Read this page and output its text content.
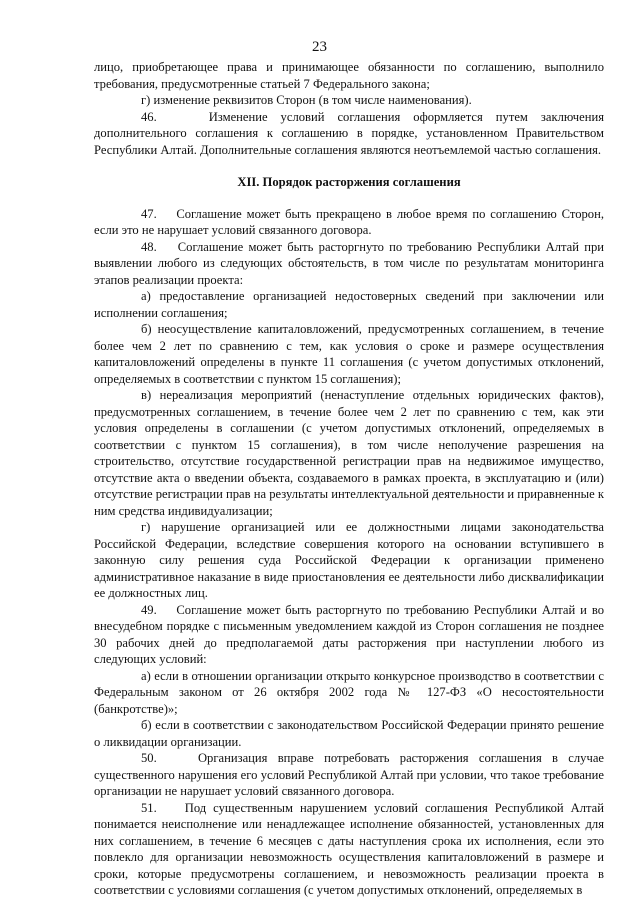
23

лицо, приобретающее права и принимающее обязанности по соглашению, выполнило требования, предусмотренные статьей 7 Федерального закона;

г) изменение реквизитов Сторон (в том числе наименования).

46.    Изменение условий соглашения оформляется путем заключения дополнительного соглашения к соглашению в порядке, установленном Правительством Республики Алтай. Дополнительные соглашения являются неотъемлемой частью соглашения.

XII. Порядок расторжения соглашения

47.    Соглашение может быть прекращено в любое время по соглашению Сторон, если это не нарушает условий связанного договора.

48.    Соглашение может быть расторгнуто по требованию Республики Алтай при выявлении любого из следующих обстоятельств, в том числе по результатам мониторинга этапов реализации проекта:

а) предоставление организацией недостоверных сведений при заключении или исполнении соглашения;

б) неосуществление капиталовложений, предусмотренных соглашением, в течение более чем 2 лет по сравнению с тем, как условия о сроке и размере осуществления капиталовложений определены в пункте 11 соглашения (с учетом допустимых отклонений, определяемых в соответствии с пунктом 15 соглашения);

в) нереализация мероприятий (ненаступление отдельных юридических фактов), предусмотренных соглашением, в течение более чем 2 лет по сравнению с тем, как эти условия определены в соглашении (с учетом допустимых отклонений, определяемых в соответствии с пунктом 15 соглашения), в том числе неполучение разрешения на строительство, отсутствие государственной регистрации прав на недвижимое имущество, отсутствие акта о введении объекта, создаваемого в рамках проекта, в эксплуатацию и (или) отсутствие регистрации прав на результаты интеллектуальной деятельности и приравненные к ним средства индивидуализации;

г) нарушение организацией или ее должностными лицами законодательства Российской Федерации, вследствие совершения которого на основании вступившего в законную силу решения суда Российской Федерации к организации применено административное наказание в виде приостановления ее деятельности либо дисквалификации ее должностных лиц.

49.    Соглашение может быть расторгнуто по требованию Республики Алтай и во внесудебном порядке с письменным уведомлением каждой из Сторон соглашения не позднее 30 рабочих дней до предполагаемой даты расторжения при наступлении любого из следующих условий:

а) если в отношении организации открыто конкурсное производство в соответствии с Федеральным законом от 26 октября 2002 года № 127-ФЗ «О несостоятельности (банкротстве)»;

б) если в соответствии с законодательством Российской Федерации принято решение о ликвидации организации.

50.    Организация вправе потребовать расторжения соглашения в случае существенного нарушения его условий Республикой Алтай при условии, что такое требование организации не нарушает условий связанного договора.

51.    Под существенным нарушением условий соглашения Республикой Алтай понимается неисполнение или ненадлежащее исполнение обязанностей, установленных для них соглашением, в течение 6 месяцев с даты наступления срока их исполнения, если это повлекло для организации невозможность осуществления капиталовложений в размере и сроки, которые предусмотрены соглашением, и невозможность реализации проекта в соответствии с условиями соглашения (с учетом допустимых отклонений, определяемых в
